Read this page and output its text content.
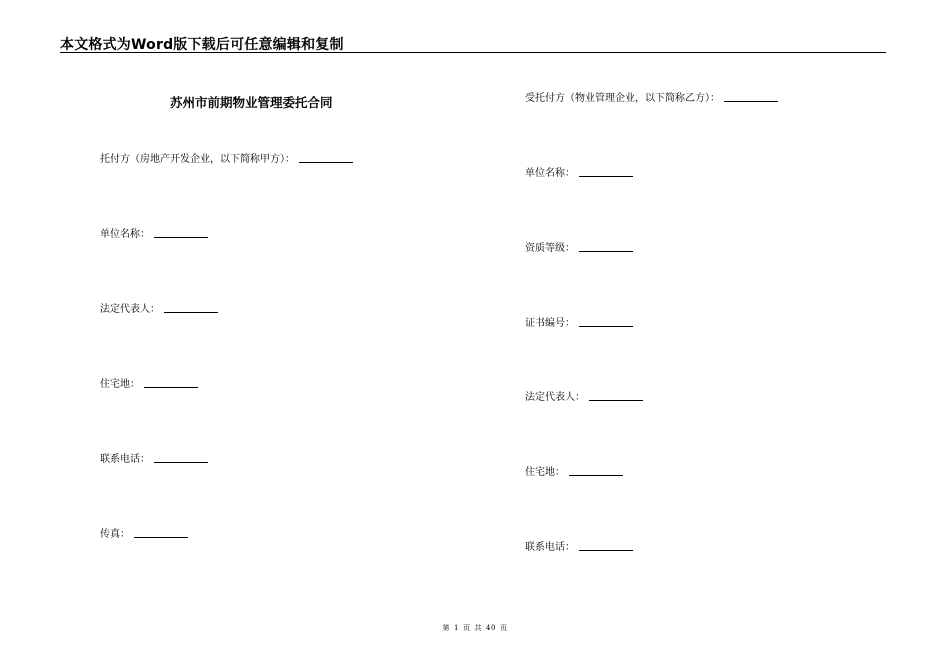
本文格式为Word版下载后可任意编辑和复制
苏州市前期物业管理委托合同
托付方（房地产开发企业，以下简称甲方）：
单位名称：
法定代表人：
住宅地：
联系电话：
传真：
受托付方（物业管理企业，以下简称乙方）：
单位名称：
资质等级：
证书编号：
法定代表人：
住宅地：
联系电话：
第 1 页 共 40 页
